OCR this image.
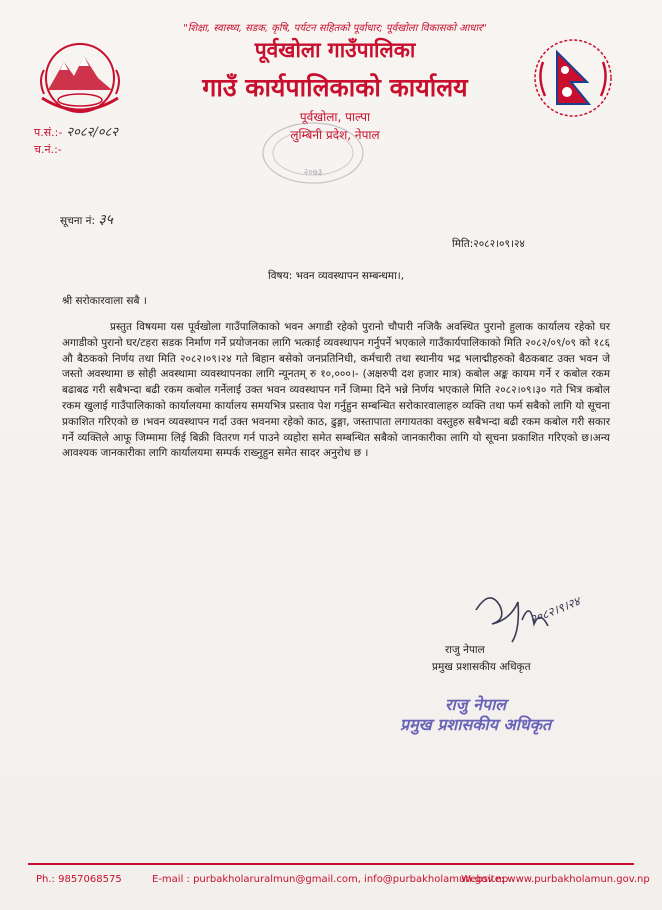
"शिक्षा, स्वास्थ्य, सडक, कृषि, पर्यटन सहितको पूर्वाधार; पूर्वखोला विकासको आधार"
पूर्वखोला गाउँपालिका
गाउँ कार्यपालिकाको कार्यालय
पूर्वखोला, पाल्पा
लुम्बिनी प्रदेश, नेपाल
२०७३
प.सं.:- २०८२/०८२
च.नं.:-
सूचना नं: ३५
मिति:२०८२।०९।२४
विषय: भवन व्यवस्थापन सम्बन्धमा।,
श्री सरोकारवाला सबै ।

प्रस्तुत विषयमा यस पूर्वखोला गाउँपालिकाको भवन अगाडी रहेको पुरानो चौपारी नजिकै अवस्थित पुरानो हुलाक कार्यालय रहेको घर अगाडीको पुरानो घर/टहरा सडक निर्माण गर्ने प्रयोजनका लागि भत्काई व्यवस्थापन गर्नुपर्ने भएकाले गाउँकार्यपालिकाको मिति २०८२/०९/०९ को १८६ औ बैठकको निर्णय तथा मिति २०८२।०९।२४ गते बिहान बसेको जनप्रतिनिधी, कर्मचारी तथा स्थानीय भद्र भलाद्मीहरुको बैठकबाट उक्त भवन जे जस्तो अवस्थामा छ सोही अवस्थामा व्यवस्थापनका लागि न्यूनतम् रु १०,०००।- (अक्षरुपी दश हजार मात्र) कबोल अङ्क कायम गर्ने र कबोल रकम बढाबढ गरी सबैभन्दा बढी रकम कबोल गर्नेलाई उक्त भवन व्यवस्थापन गर्ने जिम्मा दिने भन्ने निर्णय भएकाले मिति २०८२।०९।३० गते भित्र कबोल रकम खुलाई गाउँपालिकाको कार्यालयमा कार्यालय समयभित्र प्रस्ताव पेश गर्नुहुन सम्बन्धित सरोकारवालाहरु व्यक्ति तथा फर्म सबैको लागि यो सूचना प्रकाशित गरिएको छ ।भवन व्यवस्थापन गर्दा उक्त भवनमा रहेको काठ, ढुङ्गा, जस्तापाता लगायतका वस्तुहरु सबैभन्दा बढी रकम कबोल गरी सकार गर्ने व्यक्तिले आफू जिम्मामा लिई बिक्री वितरण गर्न पाउने व्यहोरा समेत सम्बन्धित सबैको जानकारीका लागि यो सूचना प्रकाशित गरिएको छ।अन्य आवश्यक जानकारीका लागि कार्यालयमा सम्पर्क राख्नुहुन समेत सादर अनुरोध छ ।

२०८२।९।२४
राजु नेपाल
प्रमुख प्रशासकीय अधिकृत
राजु नेपाल
प्रमुख प्रशासकीय अधिकृत
Ph.: 9857068575	E-mail : purbakholaruralmun@gmail.com, info@purbakholamun.gov.np
Website: www.purbakholamun.gov.np
